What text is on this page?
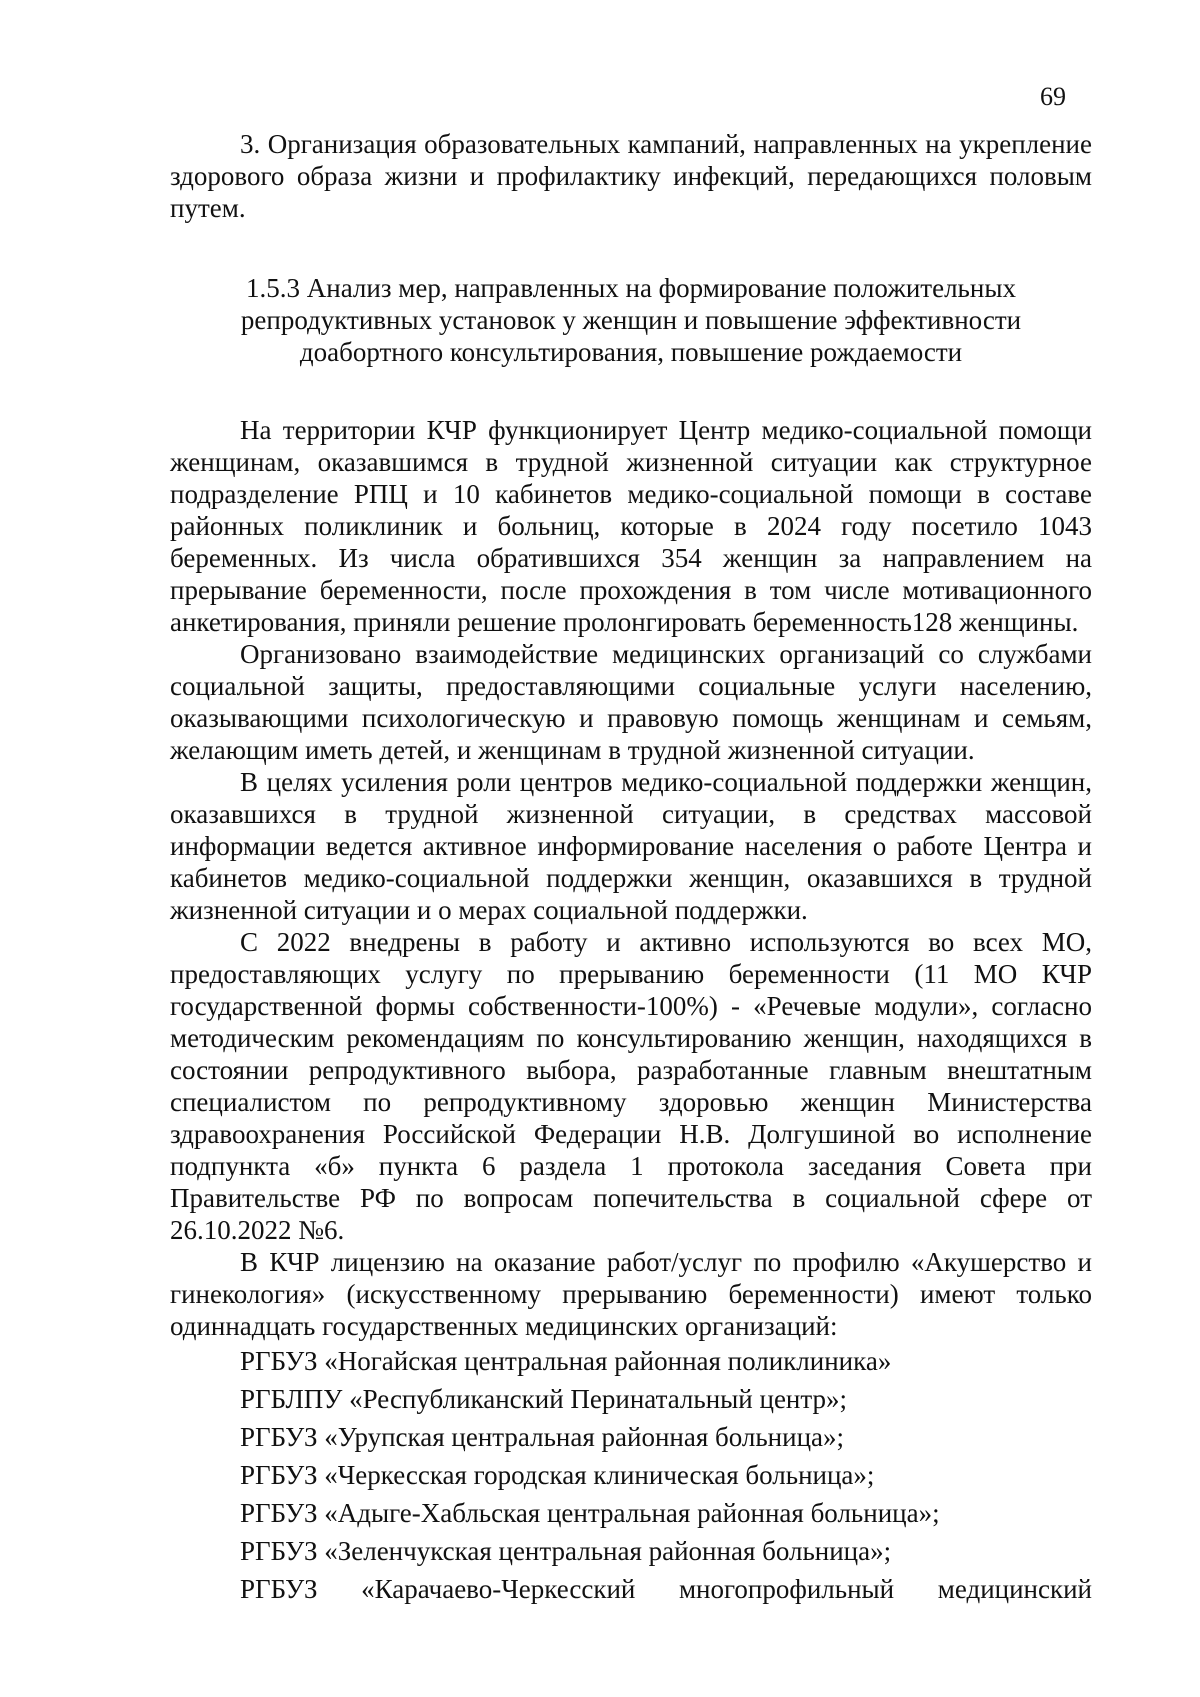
69

3. Организация образовательных кампаний, направленных на укрепление здорового образа жизни и профилактику инфекций, передающихся половым путем.

1.5.3 Анализ мер, направленных на формирование положительных репродуктивных установок у женщин и повышение эффективности доабортного консультирования, повышение рождаемости

На территории КЧР функционирует Центр медико-социальной помощи женщинам, оказавшимся в трудной жизненной ситуации как структурное подразделение РПЦ и 10 кабинетов медико-социальной помощи в составе районных поликлиник и больниц, которые в 2024 году посетило 1043 беременных. Из числа обратившихся 354 женщин за направлением на прерывание беременности, после прохождения в том числе мотивационного анкетирования, приняли решение пролонгировать беременность128 женщины.

Организовано взаимодействие медицинских организаций со службами социальной защиты, предоставляющими социальные услуги населению, оказывающими психологическую и правовую помощь женщинам и семьям, желающим иметь детей, и женщинам в трудной жизненной ситуации.

В целях усиления роли центров медико-социальной поддержки женщин, оказавшихся в трудной жизненной ситуации, в средствах массовой информации ведется активное информирование населения о работе Центра и кабинетов медико-социальной поддержки женщин, оказавшихся в трудной жизненной ситуации и о мерах социальной поддержки.

С 2022 внедрены в работу и активно используются во всех МО, предоставляющих услугу по прерыванию беременности (11 МО КЧР государственной формы собственности-100%) - «Речевые модули», согласно методическим рекомендациям по консультированию женщин, находящихся в состоянии репродуктивного выбора, разработанные главным внештатным специалистом по репродуктивному здоровью женщин Министерства здравоохранения Российской Федерации Н.В. Долгушиной во исполнение подпункта «б» пункта 6 раздела 1 протокола заседания Совета при Правительстве РФ по вопросам попечительства в социальной сфере от 26.10.2022 №6.

В КЧР лицензию на оказание работ/услуг по профилю «Акушерство и гинекология» (искусственному прерыванию беременности) имеют только одиннадцать государственных медицинских организаций:

РГБУЗ «Ногайская центральная районная поликлиника»
РГБЛПУ «Республиканский Перинатальный центр»;
РГБУЗ «Урупская центральная районная больница»;
РГБУЗ «Черкесская городская клиническая больница»;
РГБУЗ «Адыге-Хабльская центральная районная больница»;
РГБУЗ «Зеленчукская центральная районная больница»;
РГБУЗ «Карачаево-Черкесский многопрофильный медицинский
